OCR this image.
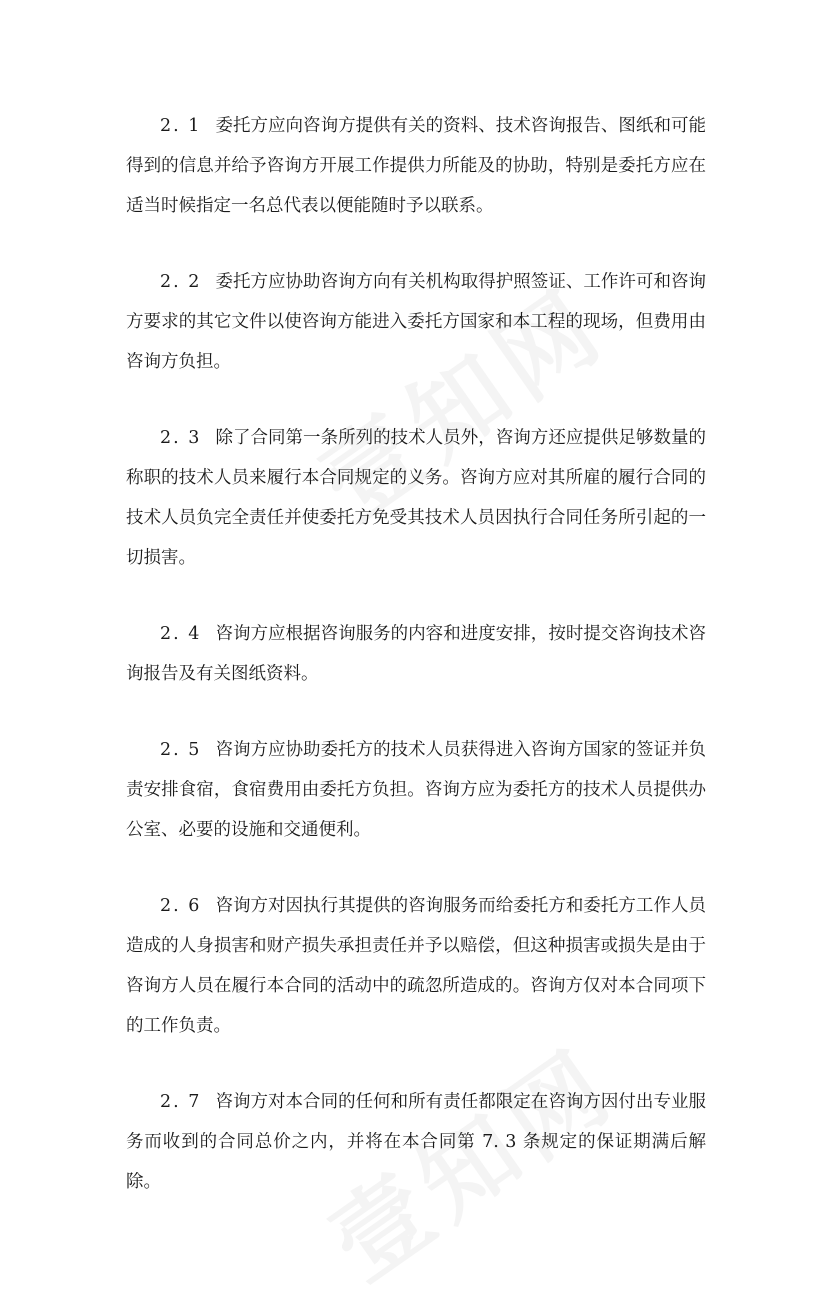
2. 1 委托方应向咨询方提供有关的资料、技术咨询报告、图纸和可能得到的信息并给予咨询方开展工作提供力所能及的协助，特别是委托方应在适当时候指定一名总代表以便能随时予以联系。

2. 2 委托方应协助咨询方向有关机构取得护照签证、工作许可和咨询方要求的其它文件以使咨询方能进入委托方国家和本工程的现场，但费用由咨询方负担。

2. 3 除了合同第一条所列的技术人员外，咨询方还应提供足够数量的称职的技术人员来履行本合同规定的义务。咨询方应对其所雇的履行合同的技术人员负完全责任并使委托方免受其技术人员因执行合同任务所引起的一切损害。

2. 4 咨询方应根据咨询服务的内容和进度安排，按时提交咨询技术咨询报告及有关图纸资料。

2. 5 咨询方应协助委托方的技术人员获得进入咨询方国家的签证并负责安排食宿，食宿费用由委托方负担。咨询方应为委托方的技术人员提供办公室、必要的设施和交通便利。

2. 6 咨询方对因执行其提供的咨询服务而给委托方和委托方工作人员造成的人身损害和财产损失承担责任并予以赔偿，但这种损害或损失是由于咨询方人员在履行本合同的活动中的疏忽所造成的。咨询方仅对本合同项下的工作负责。

2. 7 咨询方对本合同的任何和所有责任都限定在咨询方因付出专业服务而收到的合同总价之内，并将在本合同第 7. 3 条规定的保证期满后解除。
